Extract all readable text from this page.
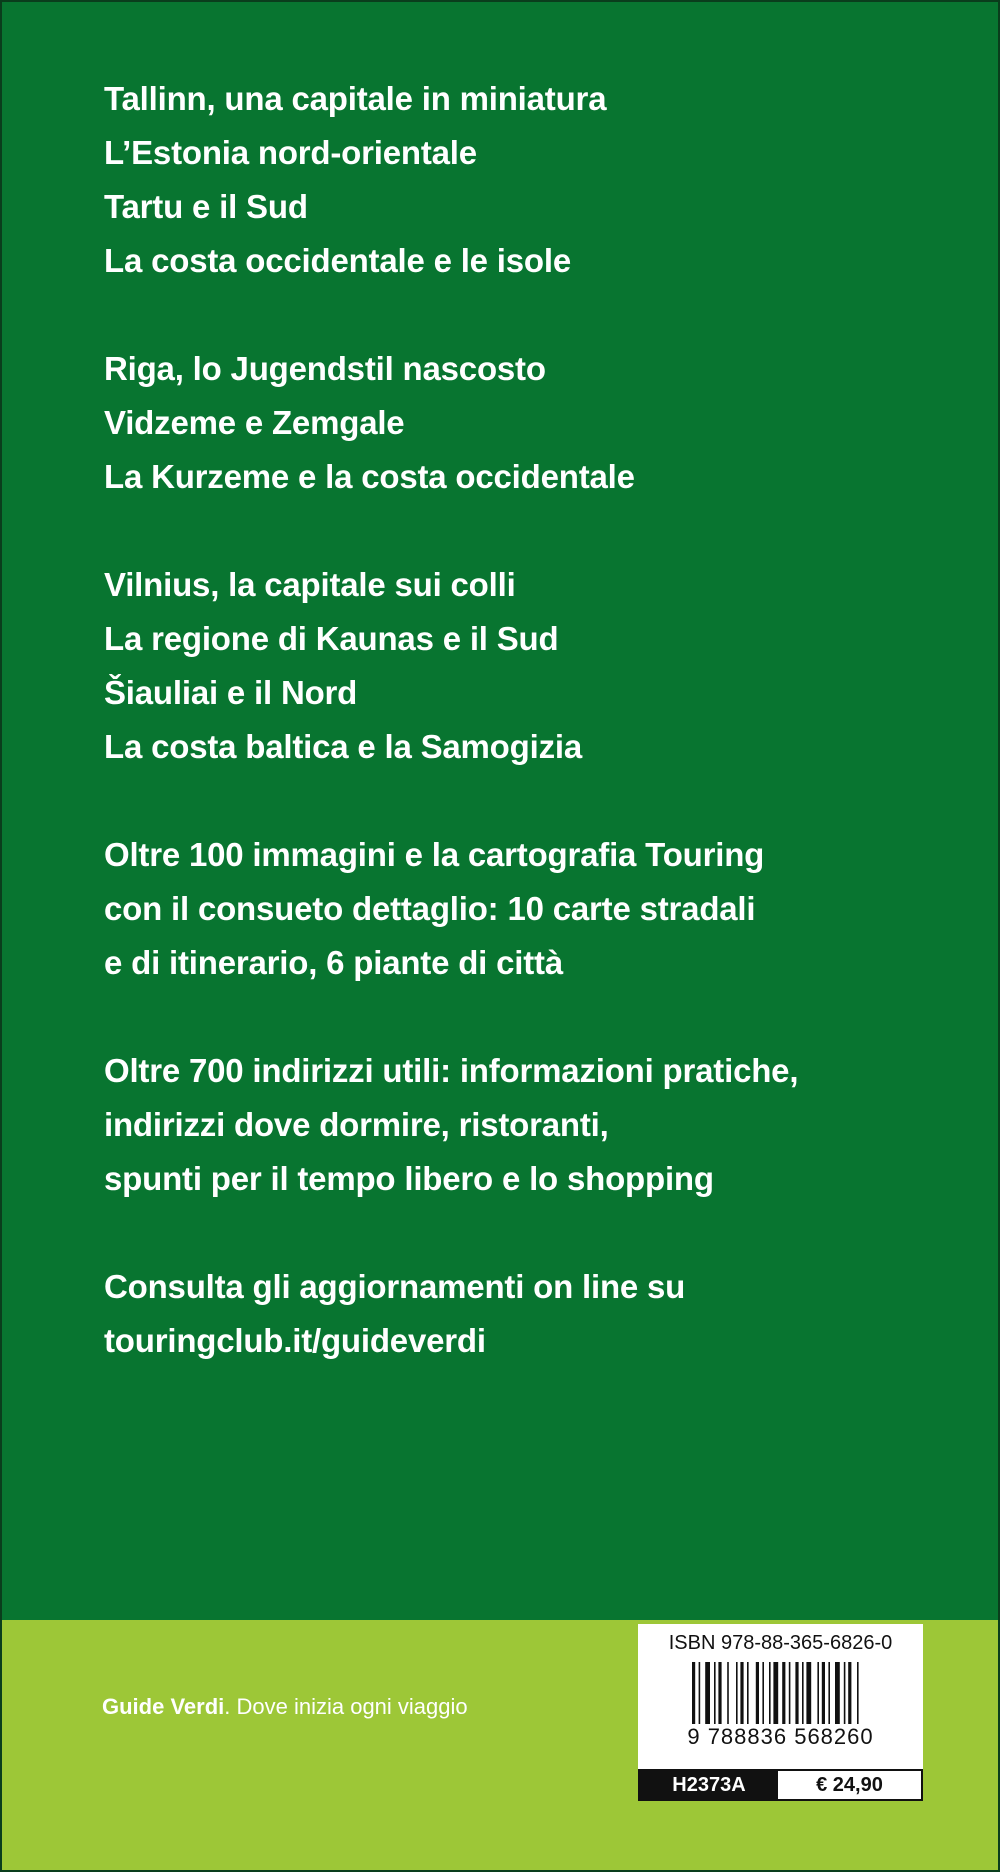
Tallinn, una capitale in miniatura
L’Estonia nord-orientale
Tartu e il Sud
La costa occidentale e le isole
Riga, lo Jugendstil nascosto
Vidzeme e Zemgale
La Kurzeme e la costa occidentale
Vilnius, la capitale sui colli
La regione di Kaunas e il Sud
Šiauliai e il Nord
La costa baltica e la Samogizia
Oltre 100 immagini e la cartografia Touring
con il consueto dettaglio: 10 carte stradali
e di itinerario, 6 piante di città
Oltre 700 indirizzi utili: informazioni pratiche,
indirizzi dove dormire, ristoranti,
spunti per il tempo libero e lo shopping
Consulta gli aggiornamenti on line su
touringclub.it/guideverdi
Guide Verdi. Dove inizia ogni viaggio
ISBN 978-88-365-6826-0
9 788836 568260
H2373A	€ 24,90
